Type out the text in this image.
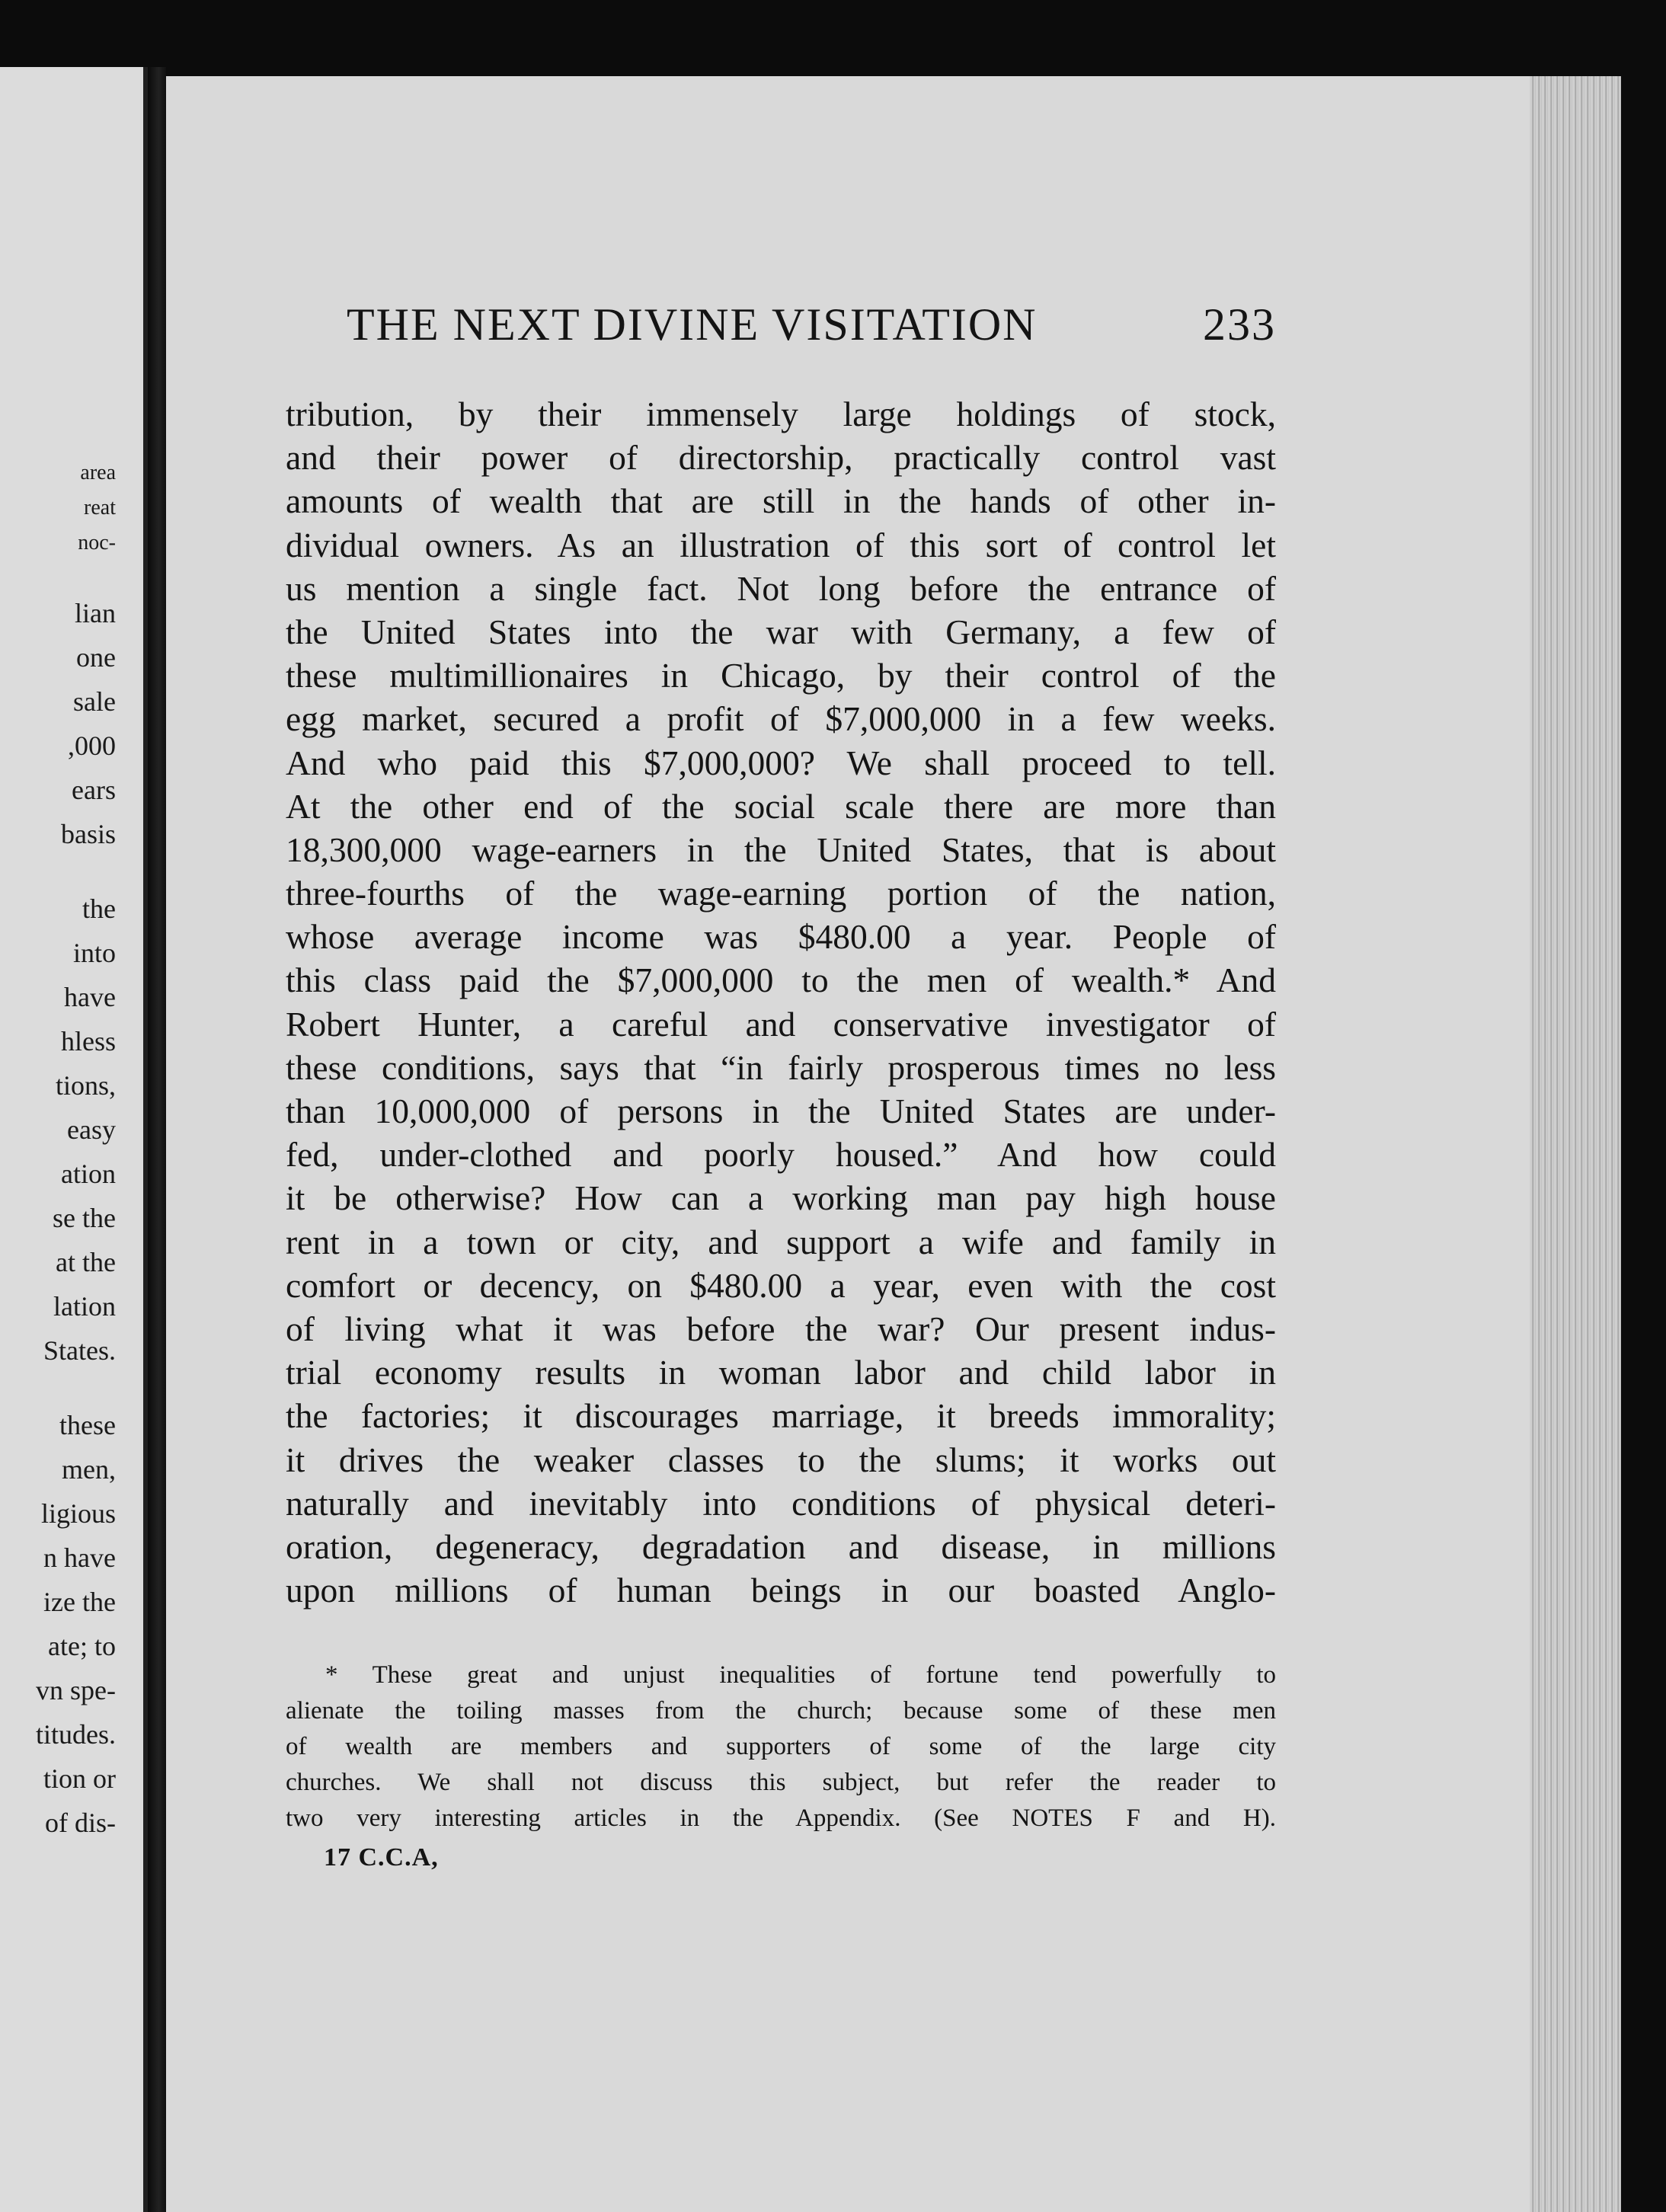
area
reat
noc-
lian
one
sale
,000
ears
basis
the
into
have
hless
tions,
easy
ation
se the
at the
lation
States.
these
men,
ligious
n have
ize the
ate; to
vn spe-
titudes.
tion or
of dis-
THE NEXT DIVINE VISITATION	233
tribution, by their immensely large holdings of stock,
and their power of directorship, practically control vast
amounts of wealth that are still in the hands of other in-
dividual owners. As an illustration of this sort of control let
us mention a single fact. Not long before the entrance of
the United States into the war with Germany, a few of
these multimillionaires in Chicago, by their control of the
egg market, secured a profit of $7,000,000 in a few weeks.
And who paid this $7,000,000? We shall proceed to tell.
At the other end of the social scale there are more than
18,300,000 wage-earners in the United States, that is about
three-fourths of the wage-earning portion of the nation,
whose average income was $480.00 a year. People of
this class paid the $7,000,000 to the men of wealth.* And
Robert Hunter, a careful and conservative investigator of
these conditions, says that “in fairly prosperous times no less
than 10,000,000 of persons in the United States are under-
fed, under-clothed and poorly housed.” And how could
it be otherwise? How can a working man pay high house
rent in a town or city, and support a wife and family in
comfort or decency, on $480.00 a year, even with the cost
of living what it was before the war? Our present indus-
trial economy results in woman labor and child labor in
the factories; it discourages marriage, it breeds immorality;
it drives the weaker classes to the slums; it works out
naturally and inevitably into conditions of physical deteri-
oration, degeneracy, degradation and disease, in millions
upon millions of human beings in our boasted Anglo-
* These great and unjust inequalities of fortune tend powerfully to
alienate the toiling masses from the church; because some of these men
of wealth are members and supporters of some of the large city
churches. We shall not discuss this subject, but refer the reader to
two very interesting articles in the Appendix. (See NOTES F and H).
17 C.C.A,
